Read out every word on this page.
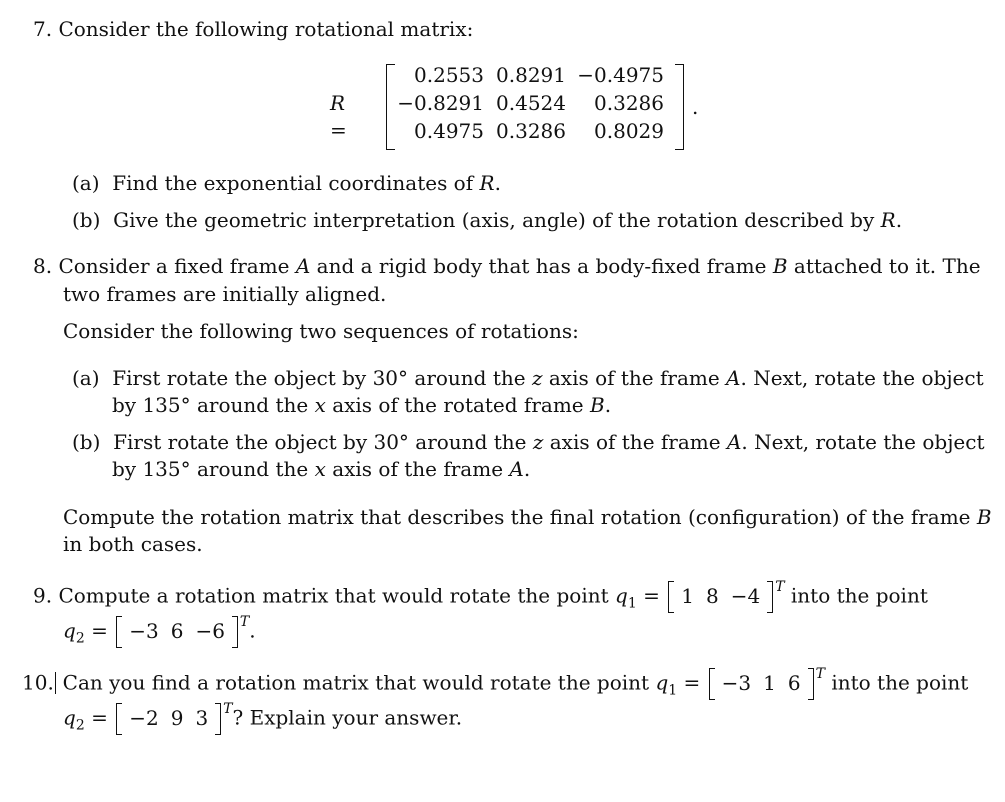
7. Consider the following rotational matrix:
R =
0.2553 0.8291 −0.4975
−0.8291 0.4524	0.3286
0.4975 0.3286	0.8029
.
(a) Find the exponential coordinates of R.
(b) Give the geometric interpretation (axis, angle) of the rotation described by R.
8. Consider a fixed frame A and a rigid body that has a body-fixed frame B attached to it. The
two frames are initially aligned.
Consider the following two sequences of rotations:
(a) First rotate the object by 30° around the z axis of the frame A. Next, rotate the object
by 135° around the x axis of the rotated frame B.
(b) First rotate the object by 30° around the z axis of the frame A. Next, rotate the object
by 135° around the x axis of the frame A.
Compute the rotation matrix that describes the final rotation (configuration) of the frame B
in both cases.
9. Compute a rotation matrix that would rotate the point $q_1 = 1$ 8 −4 $^T$ into the point
$q_2 = -3$ 6 −6 $^T$.
10. Can you find a rotation matrix that would rotate the point $q_1 = -3$ 1 6 $^T$ into the point
$q_2 = -2$ 9 3 $^T$? Explain your answer.
